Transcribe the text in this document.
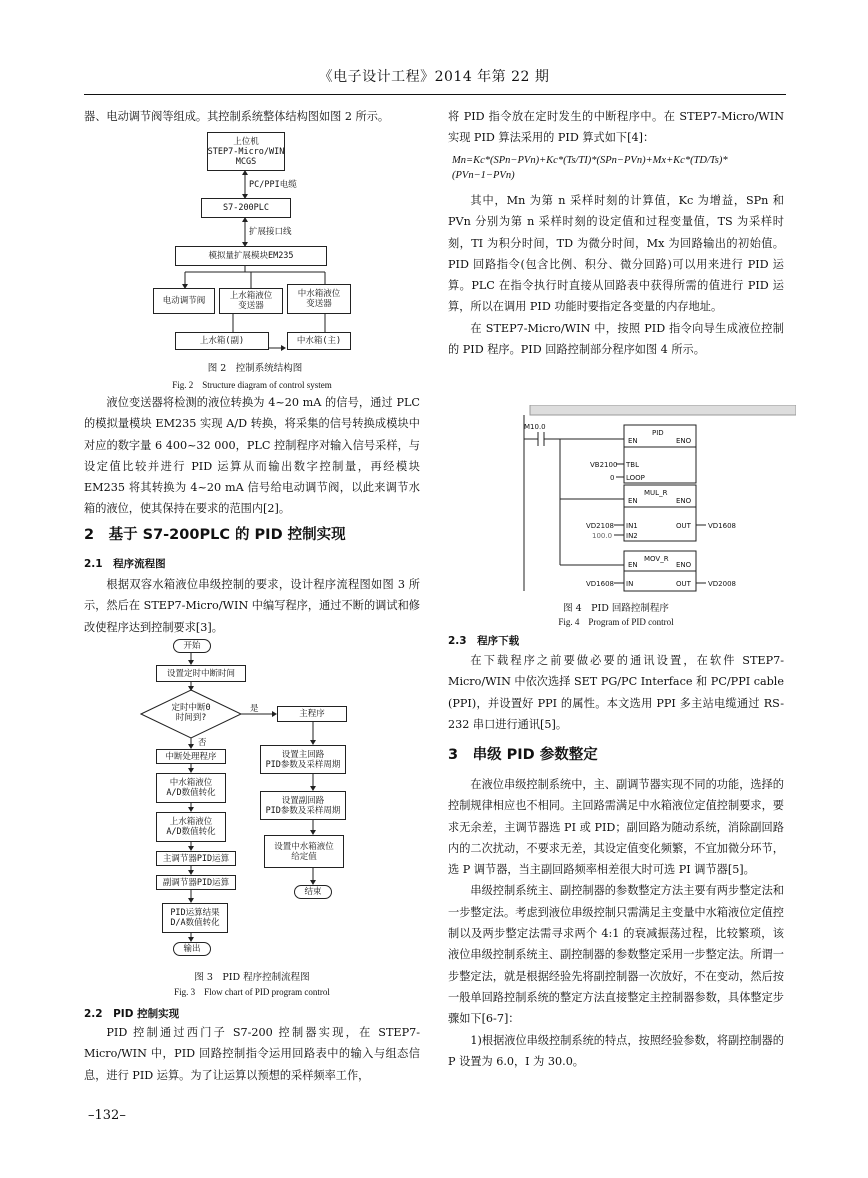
《电子设计工程》2014 年第 22 期

器、电动调节阀等组成。其控制系统整体结构图如图 2 所示。

上位机
STEP7-Micro/WIN
MCGS
PC/PPI电缆
S7-200PLC
扩展接口线
模拟量扩展模块EM235
电动调节阀	上水箱液位
变送器
中水箱液位
变送器
上水箱(副)	中水箱(主)
图 2　控制系统结构图
Fig. 2　Structure diagram of control system

液位变送器将检测的液位转换为 4~20 mA 的信号，通过 PLC 的模拟量模块 EM235 实现 A/D 转换，将采集的信号转换成模块中对应的数字量 6 400~32 000，PLC 控制程序对输入信号采样，与设定值比较并进行 PID 运算从而输出数字控制量，再经模块 EM235 将其转换为 4~20 mA 信号给电动调节阀，以此来调节水箱的液位，使其保持在要求的范围内[2]。

2　基于 S7-200PLC 的 PID 控制实现
2.1　程序流程图

根据双容水箱液位串级控制的要求，设计程序流程图如图 3 所示，然后在 STEP7-Micro/WIN 中编写程序，通过不断的调试和修改使程序达到控制要求[3]。

开始
设置定时中断时间
定时中断0
时间到?
是
否
主程序
中断处理程序
中水箱液位
A/D数值转化
上水箱液位
A/D数值转化
主调节器PID运算
副调节器PID运算
PID运算结果
D/A数值转化
输出
设置主回路
PID参数及采样周期
设置副回路
PID参数及采样周期
设置中水箱液位
给定值
结束
图 3　PID 程序控制流程图
Fig. 3　Flow chart of PID program control
2.2　PID 控制实现

PID 控制通过西门子 S7-200 控制器实现，在 STEP7-Micro/WIN 中，PID 回路控制指令运用回路表中的输入与组态信息，进行 PID 运算。为了让运算以预想的采样频率工作，

–132–

将 PID 指令放在定时发生的中断程序中。在 STEP7-Micro/WIN 实现 PID 算法采用的 PID 算式如下[4]：

Mn=Kc*(SPn−PVn)+Kc*(Ts/TI)*(SPn−PVn)+Mx+Kc*(TD/Ts)*(PVn−1−PVn)

其中，Mn 为第 n 采样时刻的计算值，Kc 为增益，SPn 和 PVn 分别为第 n 采样时刻的设定值和过程变量值，TS 为采样时刻，TI 为积分时间，TD 为微分时间，Mx 为回路输出的初始值。PID 回路指令(包含比例、积分、微分回路)可以用来进行 PID 运算。PLC 在指令执行时直接从回路表中获得所需的值进行 PID 运算，所以在调用 PID 功能时要指定各变量的内存地址。

在 STEP7-Micro/WIN 中，按照 PID 指令向导生成液位控制的 PID 程序。PID 回路控制部分程序如图 4 所示。

M10.0
PID
EN	ENO
TBL
LOOP
VB2100
0
MUL_R
EN	ENO
IN1
IN2
OUT
VD2108
100.0
VD1608
MOV_R
EN	ENO
IN	OUT
VD1608	VD2008
图 4　PID 回路控制程序
Fig. 4　Program of PID control
2.3　程序下载

在下载程序之前要做必要的通讯设置，在软件 STEP7-Micro/WIN 中依次选择 SET PG/PC Interface 和 PC/PPI cable (PPI)，并设置好 PPI 的属性。本文选用 PPI 多主站电缆通过 RS-232 串口进行通讯[5]。

3　串级 PID 参数整定

在液位串级控制系统中，主、副调节器实现不同的功能，选择的控制规律相应也不相同。主回路需满足中水箱液位定值控制要求，要求无余差，主调节器选 PI 或 PID；副回路为随动系统，消除副回路内的二次扰动，不要求无差，其设定值变化频繁，不宜加微分环节，选 P 调节器，当主副回路频率相差很大时可选 PI 调节器[5]。

串级控制系统主、副控制器的参数整定方法主要有两步整定法和一步整定法。考虑到液位串级控制只需满足主变量中水箱液位定值控制以及两步整定法需寻求两个 4:1 的衰减振荡过程，比较繁琐，该液位串级控制系统主、副控制器的参数整定采用一步整定法。所谓一步整定法，就是根据经验先将副控制器一次放好，不在变动，然后按一般单回路控制系统的整定方法直接整定主控制器参数，具体整定步骤如下[6-7]：

1)根据液位串级控制系统的特点，按照经验参数，将副控制器的 P 设置为 6.0，I 为 30.0。
